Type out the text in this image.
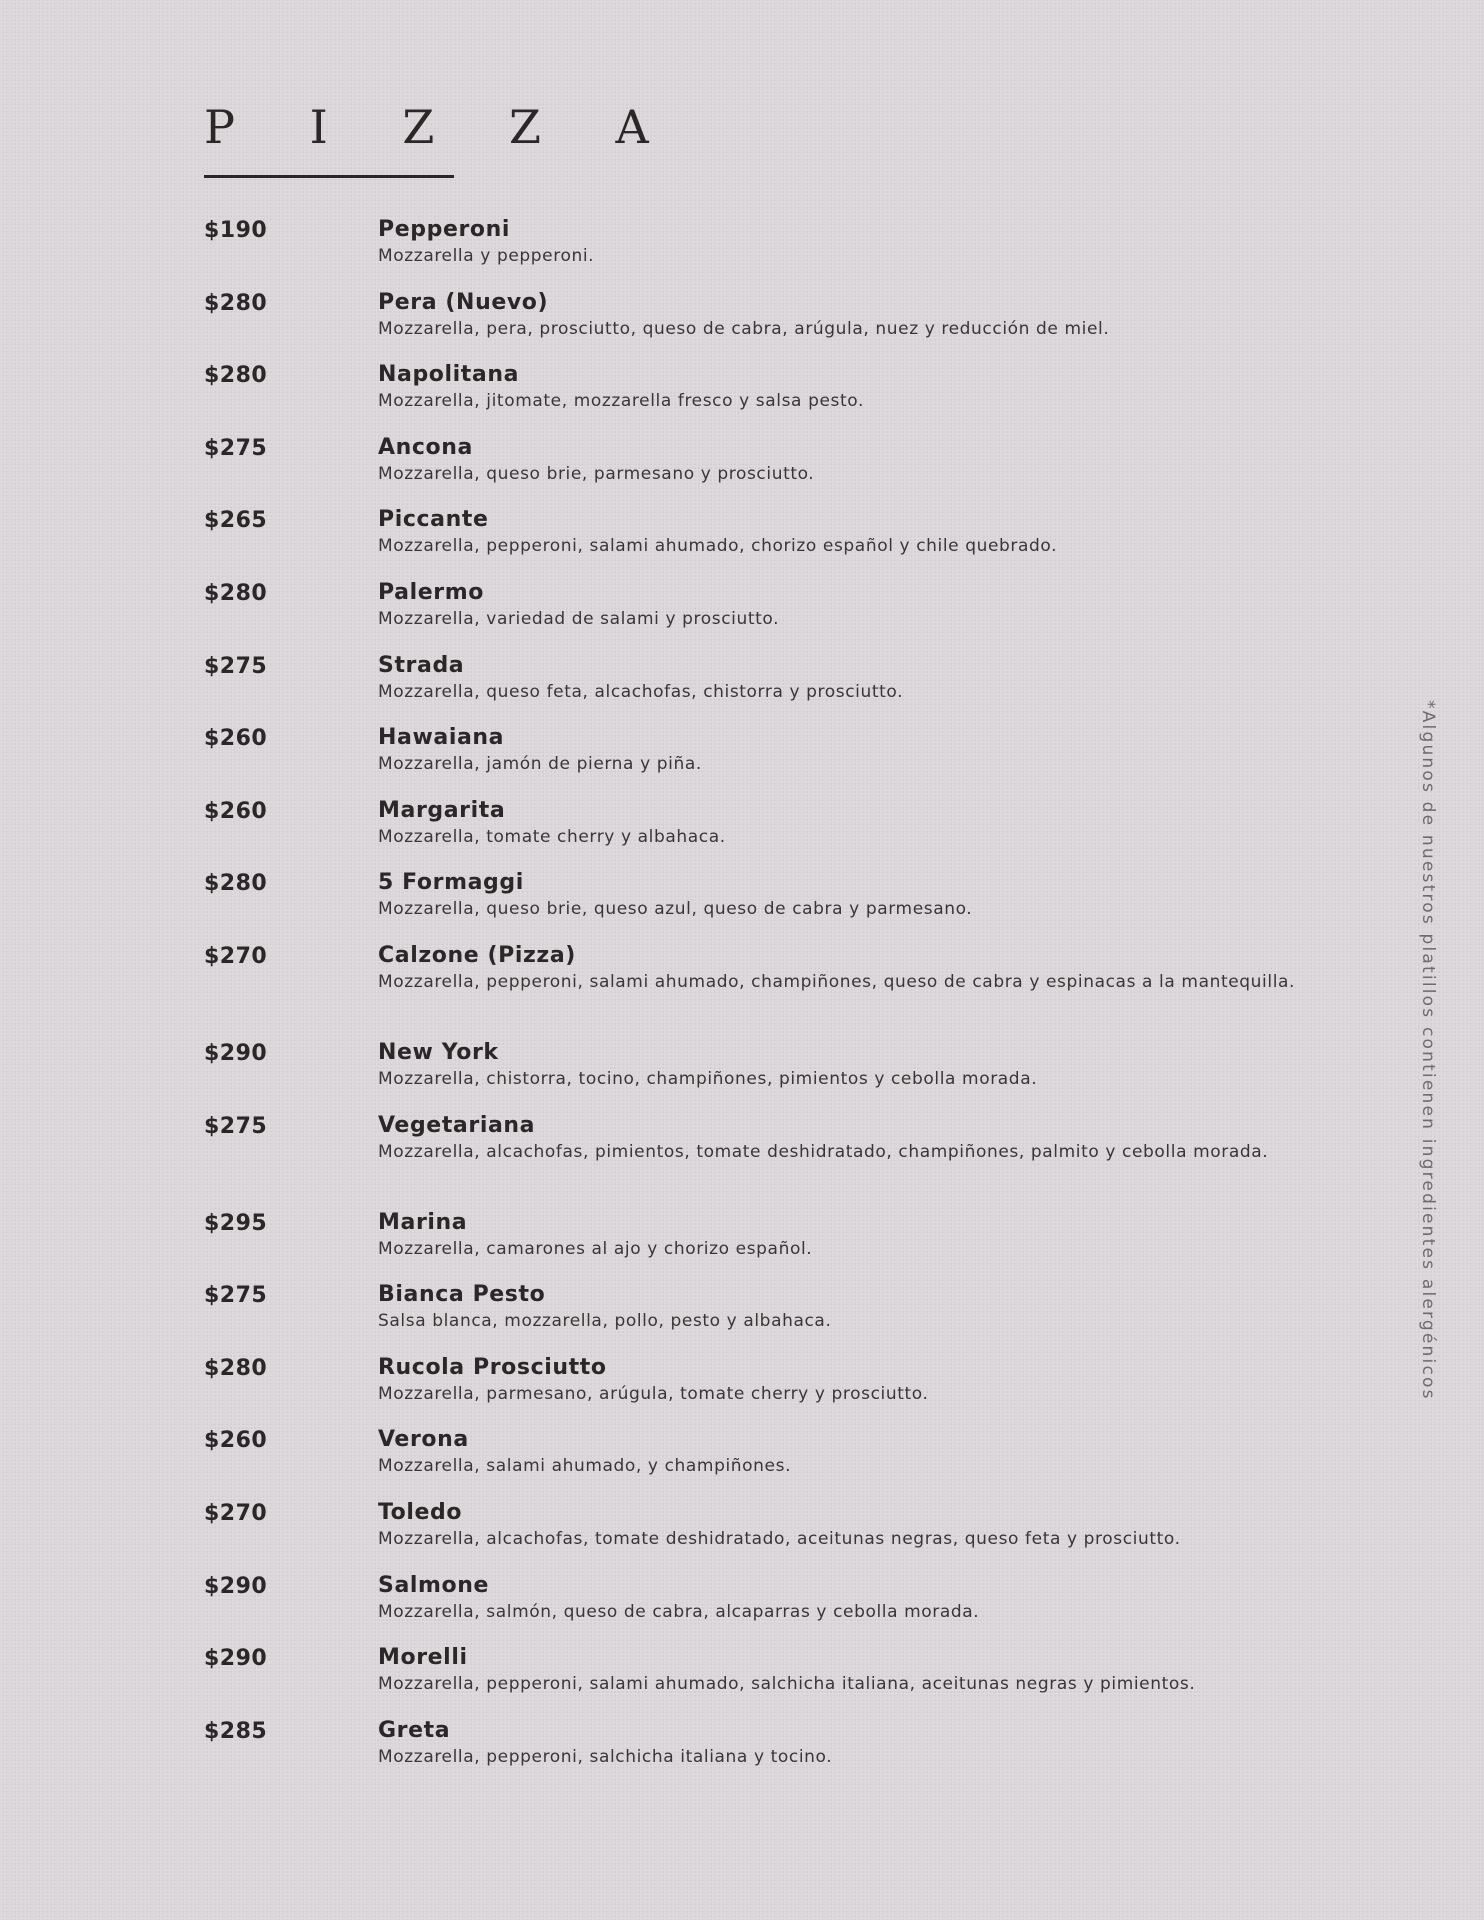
P I Z Z A
$190	Pepperoni
Mozzarella y pepperoni.
$280	Pera (Nuevo)
Mozzarella, pera, prosciutto, queso de cabra, arúgula, nuez y reducción de miel.
$280	Napolitana
Mozzarella, jitomate, mozzarella fresco y salsa pesto.
$275	Ancona
Mozzarella, queso brie, parmesano y prosciutto.
$265	Piccante
Mozzarella, pepperoni, salami ahumado, chorizo español y chile quebrado.
$280	Palermo
Mozzarella, variedad de salami y prosciutto.
$275	Strada
Mozzarella, queso feta, alcachofas, chistorra y prosciutto.
$260	Hawaiana
Mozzarella, jamón de pierna y piña.
$260	Margarita
Mozzarella, tomate cherry y albahaca.
$280	5 Formaggi
Mozzarella, queso brie, queso azul, queso de cabra y parmesano.
$270	Calzone (Pizza)
Mozzarella, pepperoni, salami ahumado, champiñones, queso de cabra y espinacas a la mantequilla.
$290	New York
Mozzarella, chistorra, tocino, champiñones, pimientos y cebolla morada.
$275	Vegetariana
Mozzarella, alcachofas, pimientos, tomate deshidratado, champiñones, palmito y cebolla morada.
$295	Marina
Mozzarella, camarones al ajo y chorizo español.
$275	Bianca Pesto
Salsa blanca, mozzarella, pollo, pesto y albahaca.
$280	Rucola Prosciutto
Mozzarella, parmesano, arúgula, tomate cherry y prosciutto.
$260	Verona
Mozzarella, salami ahumado, y champiñones.
$270	Toledo
Mozzarella, alcachofas, tomate deshidratado, aceitunas negras, queso feta y prosciutto.
$290	Salmone
Mozzarella, salmón, queso de cabra, alcaparras y cebolla morada.
$290	Morelli
Mozzarella, pepperoni, salami ahumado, salchicha italiana, aceitunas negras y pimientos.
$285	Greta
Mozzarella, pepperoni, salchicha italiana y tocino.
*Algunos de nuestros platillos contienen ingredientes alergénicos
